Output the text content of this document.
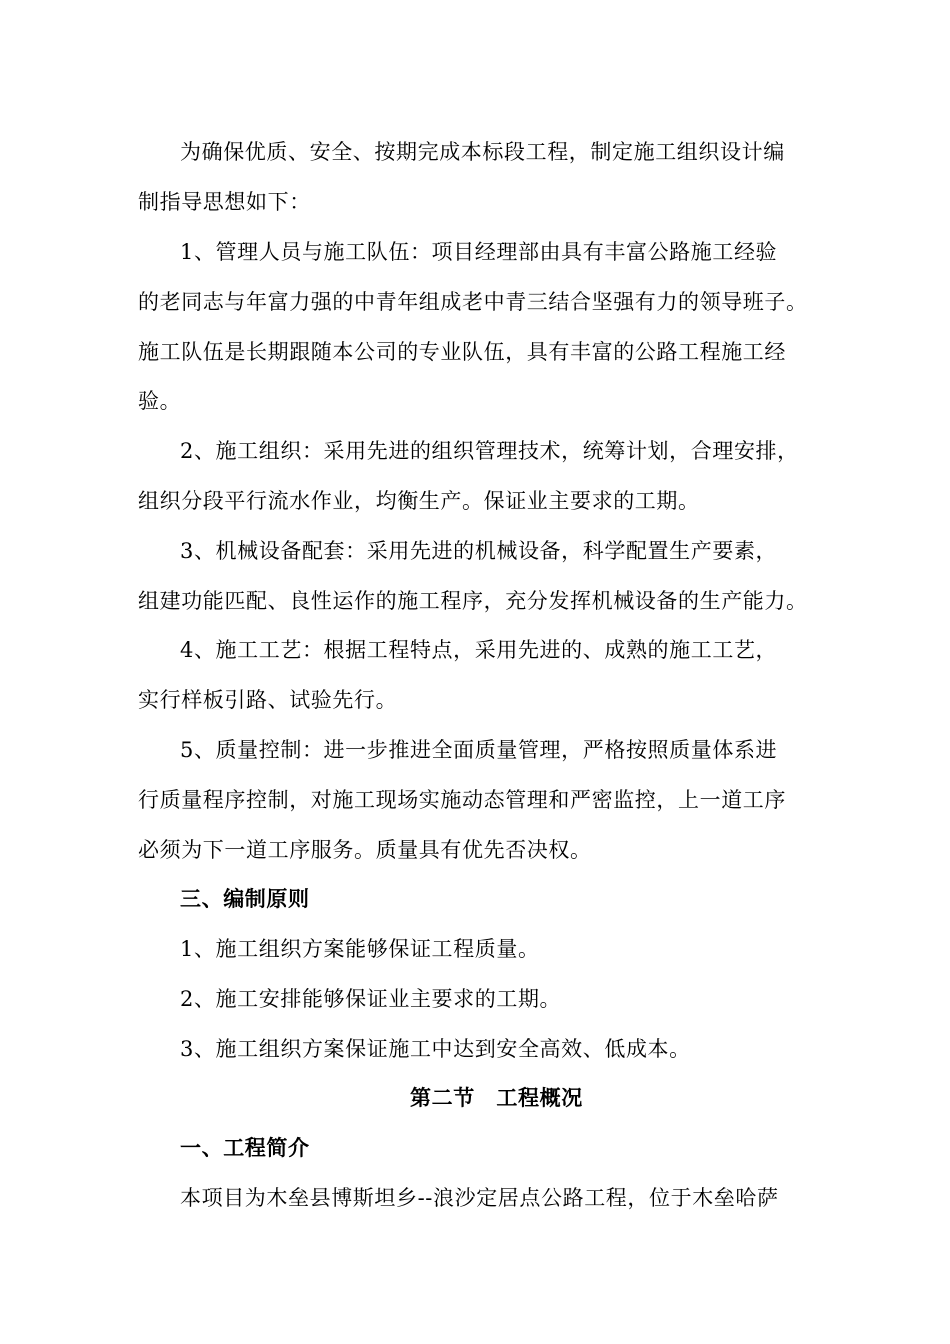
为确保优质、安全、按期完成本标段工程，制定施工组织设计编
制指导思想如下：
1、管理人员与施工队伍：项目经理部由具有丰富公路施工经验
的老同志与年富力强的中青年组成老中青三结合坚强有力的领导班子。
施工队伍是长期跟随本公司的专业队伍，具有丰富的公路工程施工经
验。
2、施工组织：采用先进的组织管理技术，统筹计划，合理安排，
组织分段平行流水作业，均衡生产。保证业主要求的工期。
3、机械设备配套：采用先进的机械设备，科学配置生产要素，
组建功能匹配、良性运作的施工程序，充分发挥机械设备的生产能力。
4、施工工艺：根据工程特点，采用先进的、成熟的施工工艺，
实行样板引路、试验先行。
5、质量控制：进一步推进全面质量管理，严格按照质量体系进
行质量程序控制，对施工现场实施动态管理和严密监控，上一道工序
必须为下一道工序服务。质量具有优先否决权。
三、编制原则
1、施工组织方案能够保证工程质量。
2、施工安排能够保证业主要求的工期。
3、施工组织方案保证施工中达到安全高效、低成本。
第二节　工程概况
一、工程简介
本项目为木垒县博斯坦乡--浪沙定居点公路工程，位于木垒哈萨
